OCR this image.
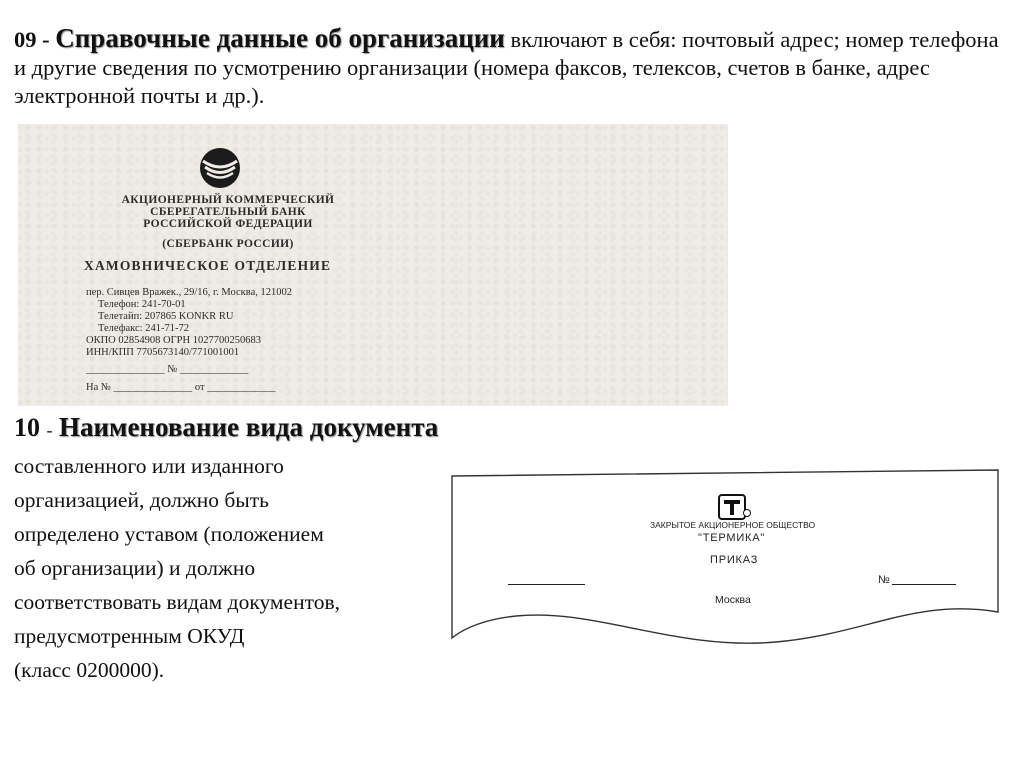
09 - Справочные данные об организации включают в себя: почтовый адрес; номер телефона и другие сведения по усмотрению организации (номера факсов, телексов, счетов в банке, адрес электронной почты и др.).

АКЦИОНЕРНЫЙ КОММЕРЧЕСКИЙ
СБЕРЕГАТЕЛЬНЫЙ БАНК
РОССИЙСКОЙ ФЕДЕРАЦИИ
(СБЕРБАНК РОССИИ)
ХАМОВНИЧЕСКОЕ ОТДЕЛЕНИЕ
пер. Сивцев Вражек., 29/16, г. Москва, 121002
Телефон: 241-70-01
Телетайп: 207865 KONKR RU
Телефакс: 241-71-72
ОКПО 02854908 ОГРН 1027700250683
ИНН/КПП 7705673140/771001001
_______________ № _____________
На № _______________ от _____________

10 - Наименование вида документа

составленного или изданного
организацией, должно быть
определено уставом (положением
об организации) и должно
соответствовать видам документов,
предусмотренным ОКУД
(класс 0200000).
ЗАКРЫТОЕ АКЦИОНЕРНОЕ ОБЩЕСТВО
"ТЕРМИКА"
ПРИКАЗ
№
Москва
